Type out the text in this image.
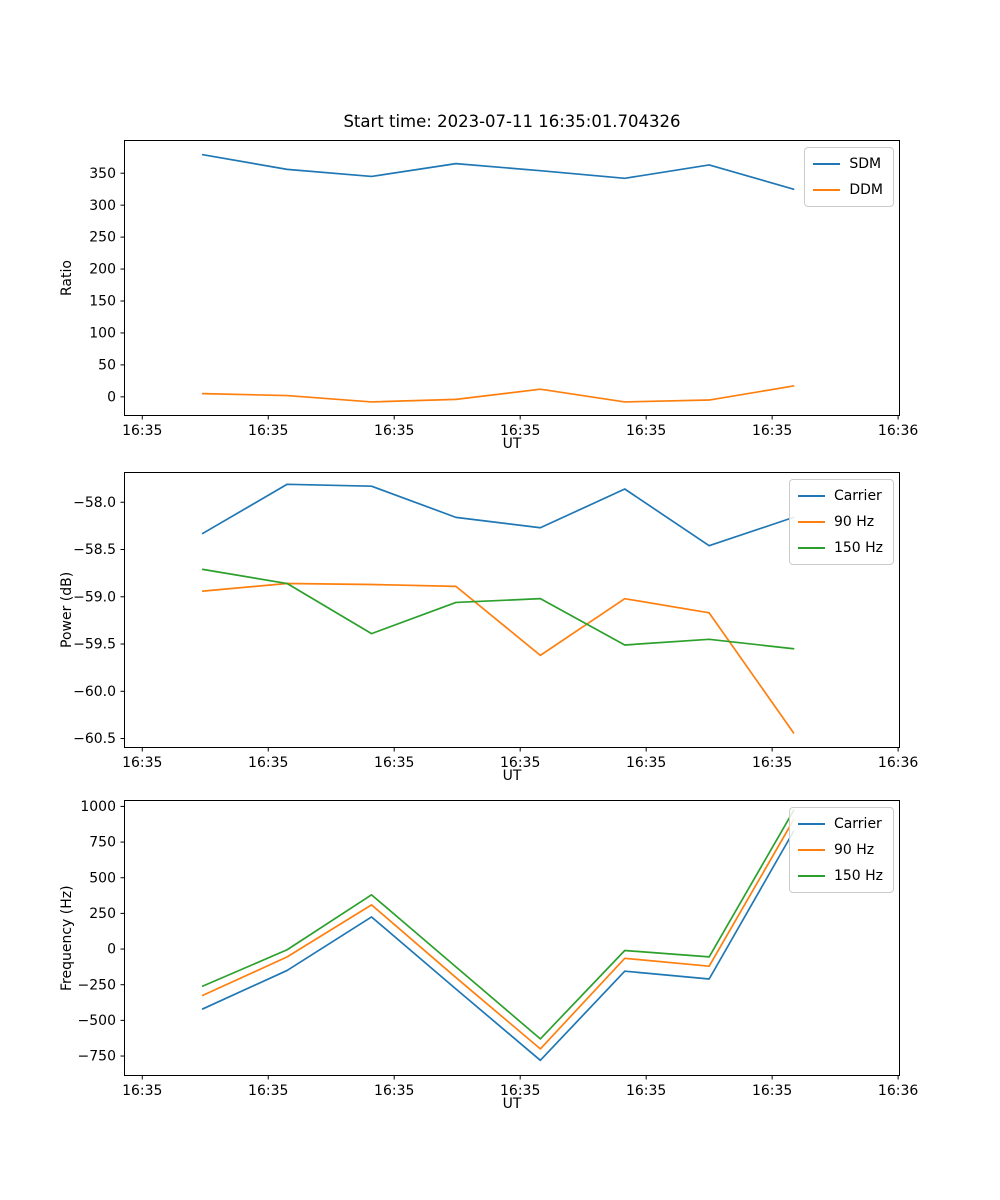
Start time: 2023-07-11 16:35:01.704326
Ratio
16:35	16:35	16:35	16:35	16:35	16:35	16:36
0
50
100
150
200
250
300
350
SDM
DDM
UT
Power (dB)
16:35	16:35	16:35	16:35	16:35	16:35	16:36
−58.0
−58.5
−59.0
−59.5
−60.0
−60.5
Carrier
90 Hz
150 Hz
UT
Frequency (Hz)
16:35	16:35	16:35	16:35	16:35	16:35	16:36
1000
750
500
250
0
−250
−500
−750
Carrier
90 Hz
150 Hz
UT
